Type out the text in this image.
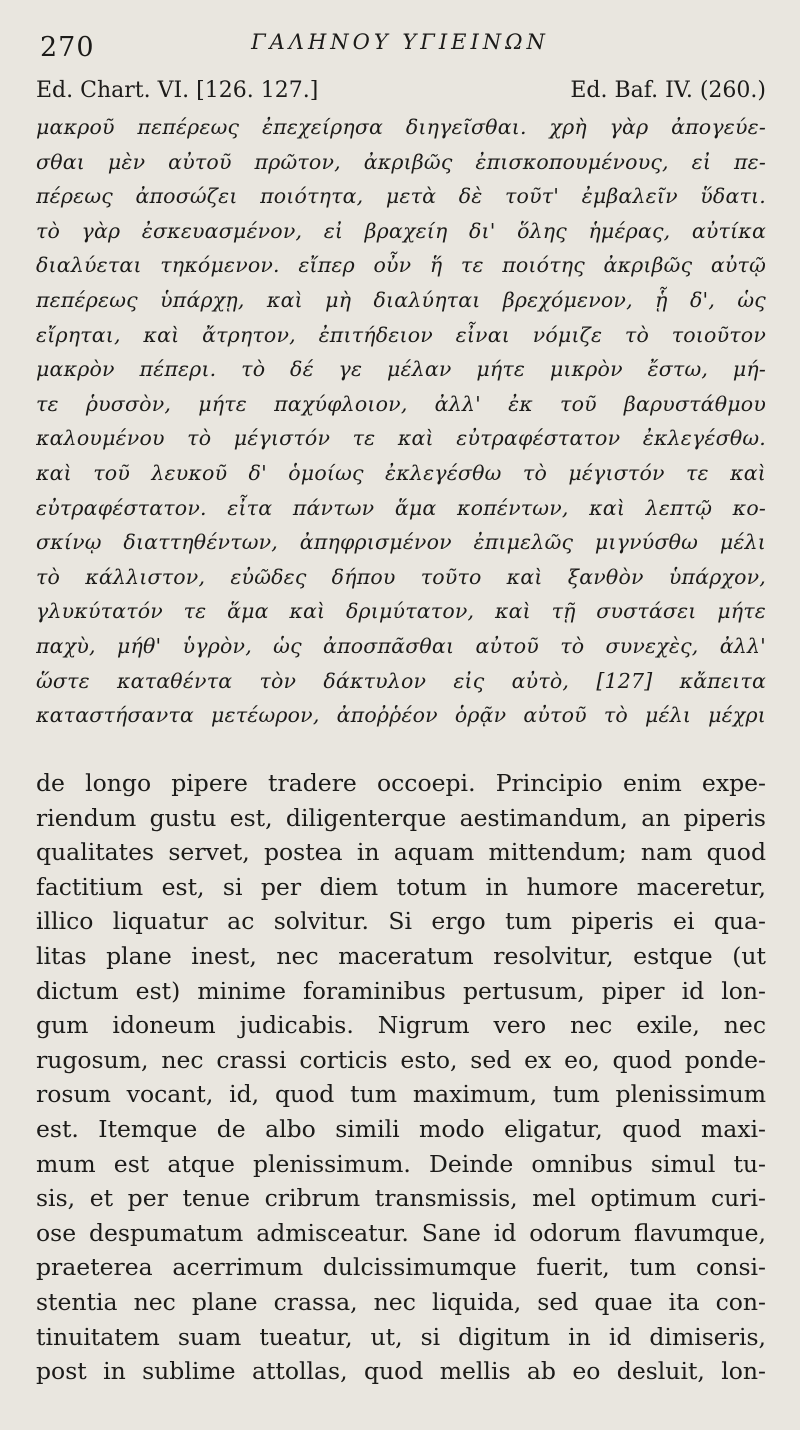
270	ΓΑΛΗΝΟΥ ΥΓΙΕΙΝΩΝ
Ed. Chart. VI. [126. 127.]	Ed. Baf. IV. (260.)
μακροῦ πεπέρεως ἐπεχείρησα διηγεῖσθαι. χρὴ γὰρ ἀπογεύε-
σθαι μὲν αὐτοῦ πρῶτον, ἀκριβῶς ἐπισκοπουμένους, εἰ πε-
πέρεως ἀποσώζει ποιότητα, μετὰ δὲ τοῦτ' ἐμβαλεῖν ὕδατι.
τὸ γὰρ ἐσκευασμένον, εἰ βραχείη δι' ὅλης ἡμέρας, αὐτίκα
διαλύεται τηκόμενον. εἴπερ οὖν ἥ τε ποιότης ἀκριβῶς αὐτῷ
πεπέρεως ὑπάρχῃ, καὶ μὴ διαλύηται βρεχόμενον, ᾗ δ', ὡς
εἴρηται, καὶ ἄτρητον, ἐπιτήδειον εἶναι νόμιζε τὸ τοιοῦτον
μακρὸν πέπερι. τὸ δέ γε μέλαν μήτε μικρὸν ἔστω, μή-
τε ῥυσσὸν, μήτε παχύφλοιον, ἀλλ' ἐκ τοῦ βαρυστάθμου
καλουμένου τὸ μέγιστόν τε καὶ εὐτραφέστατον ἐκλεγέσθω.
καὶ τοῦ λευκοῦ δ' ὁμοίως ἐκλεγέσθω τὸ μέγιστόν τε καὶ
εὐτραφέστατον. εἶτα πάντων ἅμα κοπέντων, καὶ λεπτῷ κο-
σκίνῳ διαττηθέντων, ἀπηφρισμένον ἐπιμελῶς μιγνύσθω μέλι
τὸ κάλλιστον, εὐῶδες δήπου τοῦτο καὶ ξανθὸν ὑπάρχον,
γλυκύτατόν τε ἅμα καὶ δριμύτατον, καὶ τῇ συστάσει μήτε
παχὺ, μήθ' ὑγρὸν, ὡς ἀποσπᾶσθαι αὐτοῦ τὸ συνεχὲς, ἀλλ'
ὥστε καταθέντα τὸν δάκτυλον εἰς αὐτὸ, [127] κἄπειτα
καταστήσαντα μετέωρον, ἀποῤῥέον ὁρᾷν αὐτοῦ τὸ μέλι μέχρι
de longo pipere tradere occoepi. Principio enim expe-
riendum gustu est, diligenterque aestimandum, an piperis
qualitates servet, postea in aquam mittendum; nam quod
factitium est, si per diem totum in humore maceretur,
illico liquatur ac solvitur. Si ergo tum piperis ei qua-
litas plane inest, nec maceratum resolvitur, estque (ut
dictum est) minime foraminibus pertusum, piper id lon-
gum idoneum judicabis. Nigrum vero nec exile, nec
rugosum, nec crassi corticis esto, sed ex eo, quod ponde-
rosum vocant, id, quod tum maximum, tum plenissimum
est. Itemque de albo simili modo eligatur, quod maxi-
mum est atque plenissimum. Deinde omnibus simul tu-
sis, et per tenue cribrum transmissis, mel optimum curi-
ose despumatum admisceatur. Sane id odorum flavumque,
praeterea acerrimum dulcissimumque fuerit, tum consi-
stentia nec plane crassa, nec liquida, sed quae ita con-
tinuitatem suam tueatur, ut, si digitum in id dimiseris,
post in sublime attollas, quod mellis ab eo desluit, lon-
